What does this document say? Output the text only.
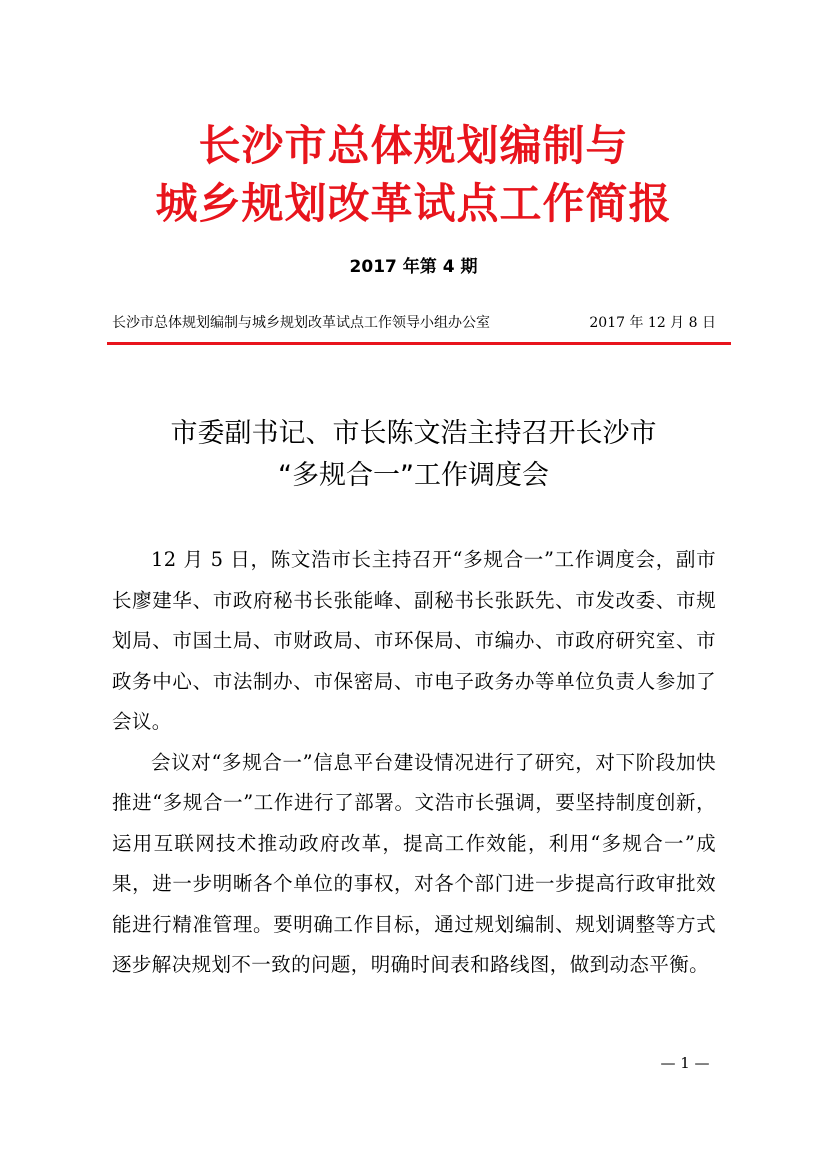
长沙市总体规划编制与
城乡规划改革试点工作简报
2017 年第 4 期
长沙市总体规划编制与城乡规划改革试点工作领导小组办公室	2017 年 12 月 8 日
市委副书记、市长陈文浩主持召开长沙市
“多规合一”工作调度会

12 月 5 日，陈文浩市长主持召开“多规合一”工作调度会，副市长廖建华、市政府秘书长张能峰、副秘书长张跃先、市发改委、市规划局、市国土局、市财政局、市环保局、市编办、市政府研究室、市政务中心、市法制办、市保密局、市电子政务办等单位负责人参加了会议。

会议对“多规合一”信息平台建设情况进行了研究，对下阶段加快推进“多规合一”工作进行了部署。文浩市长强调，要坚持制度创新，运用互联网技术推动政府改革，提高工作效能，利用“多规合一”成果，进一步明晰各个单位的事权，对各个部门进一步提高行政审批效能进行精准管理。要明确工作目标，通过规划编制、规划调整等方式逐步解决规划不一致的问题，明确时间表和路线图，做到动态平衡。

— 1 —
